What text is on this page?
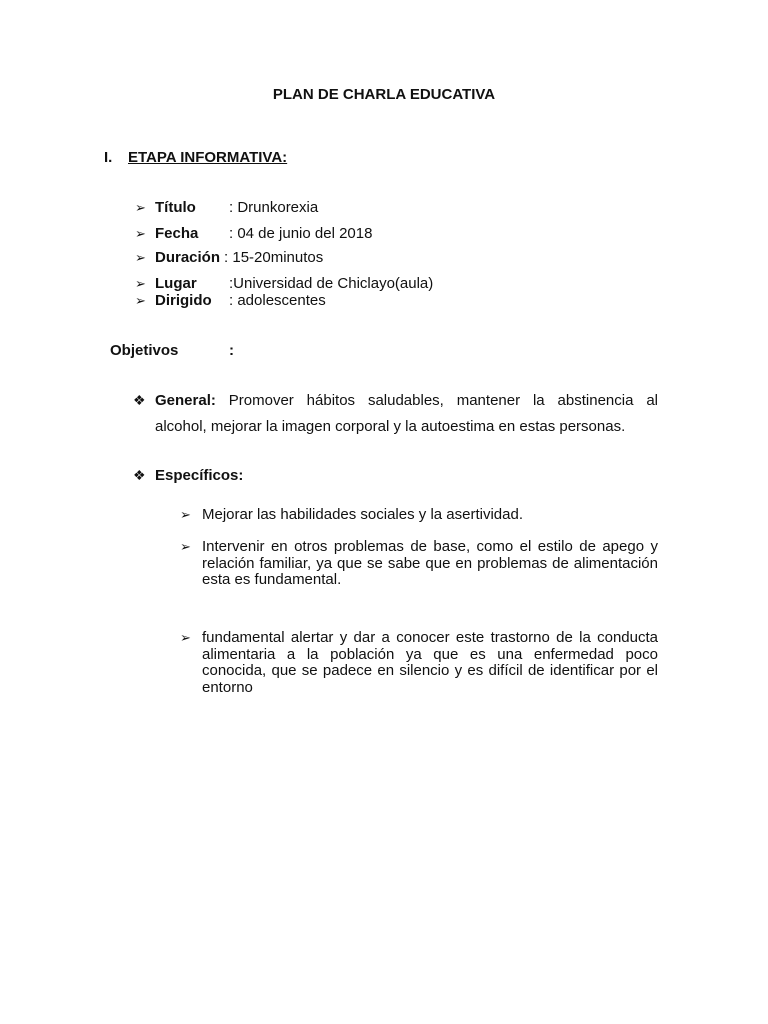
PLAN DE CHARLA EDUCATIVA
I. ETAPA INFORMATIVA:
➢ Título : Drunkorexia
➢ Fecha : 04 de junio del 2018
➢ Duración : 15-20minutos
➢ Lugar :Universidad de Chiclayo(aula)
➢ Dirigido : adolescentes
Objetivos	:
❖ General: Promover hábitos saludables, mantener la abstinencia al
alcohol, mejorar la imagen corporal y la autoestima en estas personas.
❖ Específicos:
➢ Mejorar las habilidades sociales y la asertividad.
➢ Intervenir en otros problemas de base, como el estilo de apego y relación familiar, ya que se sabe que en problemas de alimentación esta es fundamental.
➢ fundamental alertar y dar a conocer este trastorno de la conducta alimentaria a la población ya que es una enfermedad poco conocida, que se padece en silencio y es difícil de identificar por el entorno
